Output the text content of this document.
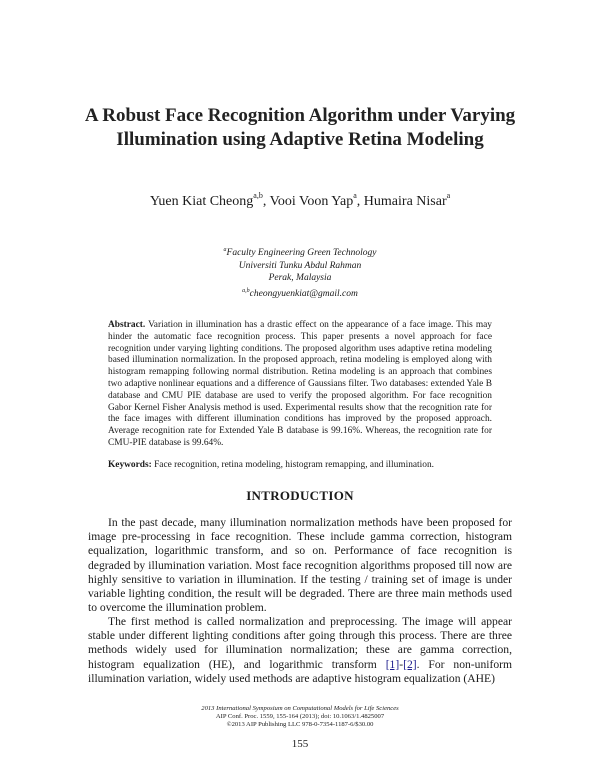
A Robust Face Recognition Algorithm under Varying Illumination using Adaptive Retina Modeling
Yuen Kiat Cheong$^{a,b}$, Vooi Voon Yap$^a$, Humaira Nisar$^a$
$^a$Faculty Engineering Green Technology
Universiti Tunku Abdul Rahman
Perak, Malaysia
$^{a,b}$cheongyuenkiat@gmail.com
Abstract. Variation in illumination has a drastic effect on the appearance of a face image. This may hinder the automatic face recognition process. This paper presents a novel approach for face recognition under varying lighting conditions. The proposed algorithm uses adaptive retina modeling based illumination normalization. In the proposed approach, retina modeling is employed along with histogram remapping following normal distribution. Retina modeling is an approach that combines two adaptive nonlinear equations and a difference of Gaussians filter. Two databases: extended Yale B database and CMU PIE database are used to verify the proposed algorithm. For face recognition Gabor Kernel Fisher Analysis method is used. Experimental results show that the recognition rate for the face images with different illumination conditions has improved by the proposed approach. Average recognition rate for Extended Yale B database is 99.16%. Whereas, the recognition rate for CMU-PIE database is 99.64%.
Keywords: Face recognition, retina modeling, histogram remapping, and illumination.
INTRODUCTION
In the past decade, many illumination normalization methods have been proposed for image pre-processing in face recognition. These include gamma correction, histogram equalization, logarithmic transform, and so on. Performance of face recognition is degraded by illumination variation. Most face recognition algorithms proposed till now are highly sensitive to variation in illumination. If the testing / training set of image is under variable lighting condition, the result will be degraded. There are three main methods used to overcome the illumination problem.
The first method is called normalization and preprocessing. The image will appear stable under different lighting conditions after going through this process. There are three methods widely used for illumination normalization; these are gamma correction, histogram equalization (HE), and logarithmic transform [1]-[2]. For non-uniform illumination variation, widely used methods are adaptive histogram equalization (AHE)
2013 International Symposium on Computational Models for Life Sciences
AIP Conf. Proc. 1559, 155-164 (2013); doi: 10.1063/1.4825007
©2013 AIP Publishing LLC 978-0-7354-1187-6/$30.00
155
